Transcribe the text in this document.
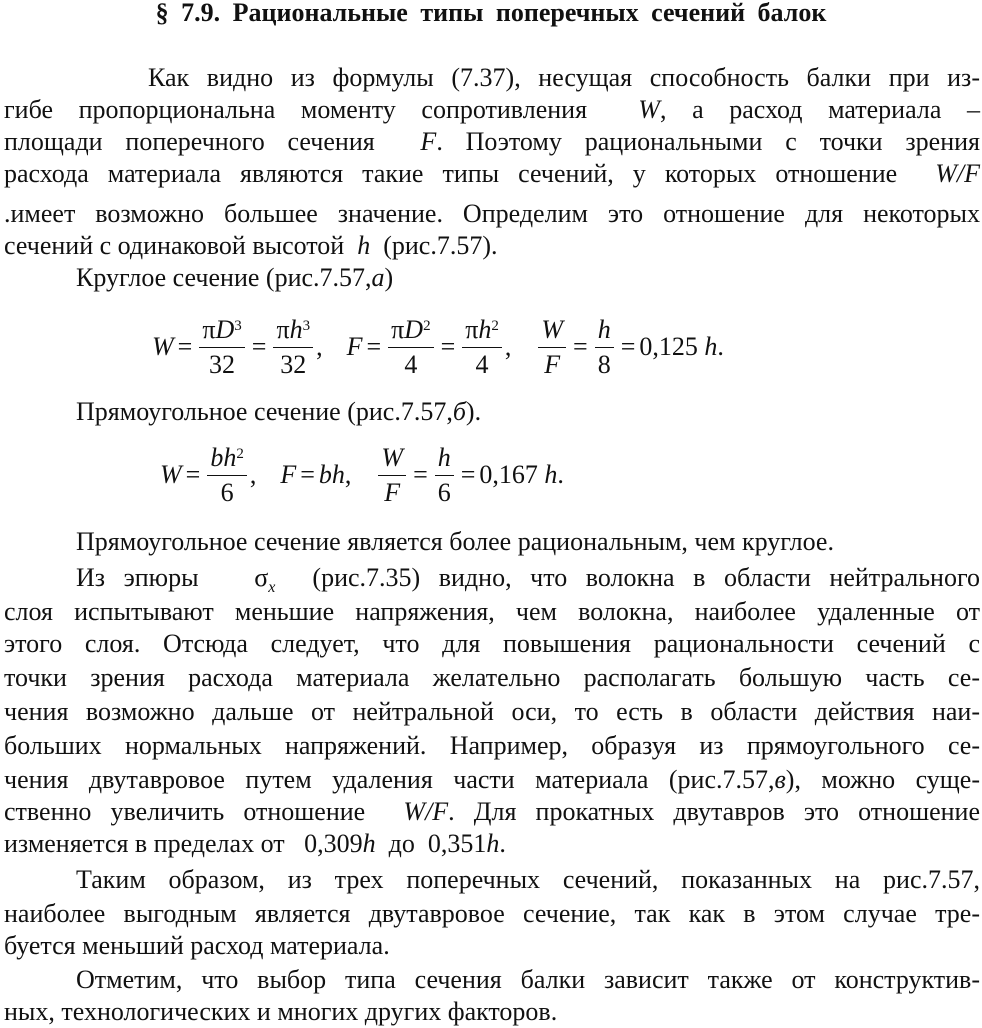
§ 7.9. Рациональные типы поперечных сечений балок
Как видно из формулы (7.37), несущая способность балки при из-
гибе пропорциональна моменту сопротивления W, а расход материала –
площади поперечного сечения F. Поэтому рациональными с точки зрения
расхода материала являются такие типы сечений, у которых отношение W/F
.имеет возможно большее значение. Определим это отношение для некоторых
сечений с одинаковой высотой h (рис.7.57).
Круглое сечение (рис.7.57,а)
$W = \frac{\pi D^3}{32} = \frac{\pi h^3}{32}$ , $F = \frac{\pi D^2}{4} = \frac{\pi h^2}{4}$ , $\frac{W}{F} = \frac{h}{8} = 0,125$
h .
Прямоугольное сечение (рис.7.57,б).
$W = \frac{bh^2}{6}$ , F = bh , $\frac{W}{F} = \frac{h}{6} = 0,167$
h .
Прямоугольное сечение является более рациональным, чем круглое.
Из эпюры $\sigma_x$ (рис.7.35) видно, что волокна в области нейтрального
слоя испытывают меньшие напряжения, чем волокна, наиболее удаленные от
этого слоя. Отсюда следует, что для повышения рациональности сечений с
точки зрения расхода материала желательно располагать большую часть се-
чения возможно дальше от нейтральной оси, то есть в области действия наи-
больших нормальных напряжений. Например, образуя из прямоугольного се-
чения двутавровое путем удаления части материала (рис.7.57,в), можно суще-
ственно увеличить отношение W/F. Для прокатных двутавров это отношение
изменяется в пределах от 0,309h до 0,351h.
Таким образом, из трех поперечных сечений, показанных на рис.7.57,
наиболее выгодным является двутавровое сечение, так как в этом случае тре-
буется меньший расход материала.
Отметим, что выбор типа сечения балки зависит также от конструктив-
ных, технологических и многих других факторов.
